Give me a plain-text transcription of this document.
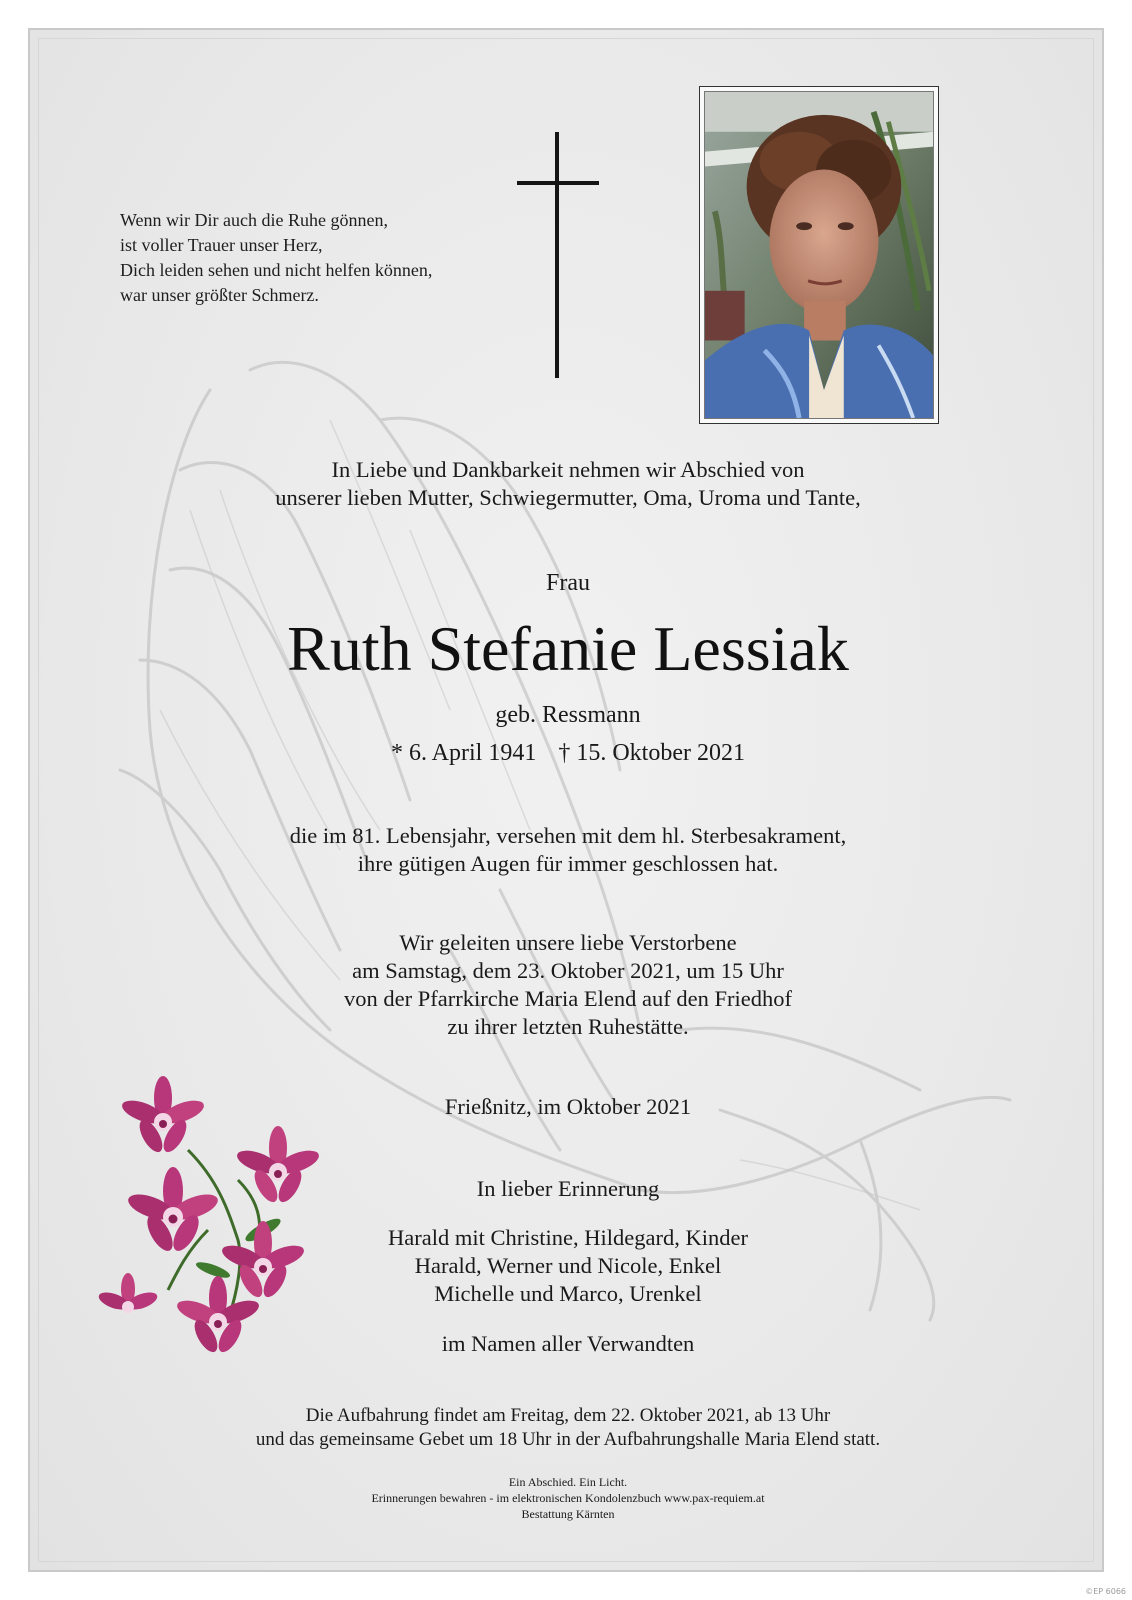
Wenn wir Dir auch die Ruhe gönnen,
ist voller Trauer unser Herz,
Dich leiden sehen und nicht helfen können,
war unser größter Schmerz.
In Liebe und Dankbarkeit nehmen wir Abschied von
unserer lieben Mutter, Schwiegermutter, Oma, Uroma und Tante,
Frau
Ruth Stefanie Lessiak
geb. Ressmann
* 6. April 1941 † 15. Oktober 2021
die im 81. Lebensjahr, versehen mit dem hl. Sterbesakrament,
ihre gütigen Augen für immer geschlossen hat.
Wir geleiten unsere liebe Verstorbene
am Samstag, dem 23. Oktober 2021, um 15 Uhr
von der Pfarrkirche Maria Elend auf den Friedhof
zu ihrer letzten Ruhestätte.
Frießnitz, im Oktober 2021
In lieber Erinnerung
Harald mit Christine, Hildegard, Kinder
Harald, Werner und Nicole, Enkel
Michelle und Marco, Urenkel
im Namen aller Verwandten
Die Aufbahrung findet am Freitag, dem 22. Oktober 2021, ab 13 Uhr
und das gemeinsame Gebet um 18 Uhr in der Aufbahrungshalle Maria Elend statt.
Ein Abschied. Ein Licht.
Erinnerungen bewahren - im elektronischen Kondolenzbuch www.pax-requiem.at
Bestattung Kärnten
©EP 6066
